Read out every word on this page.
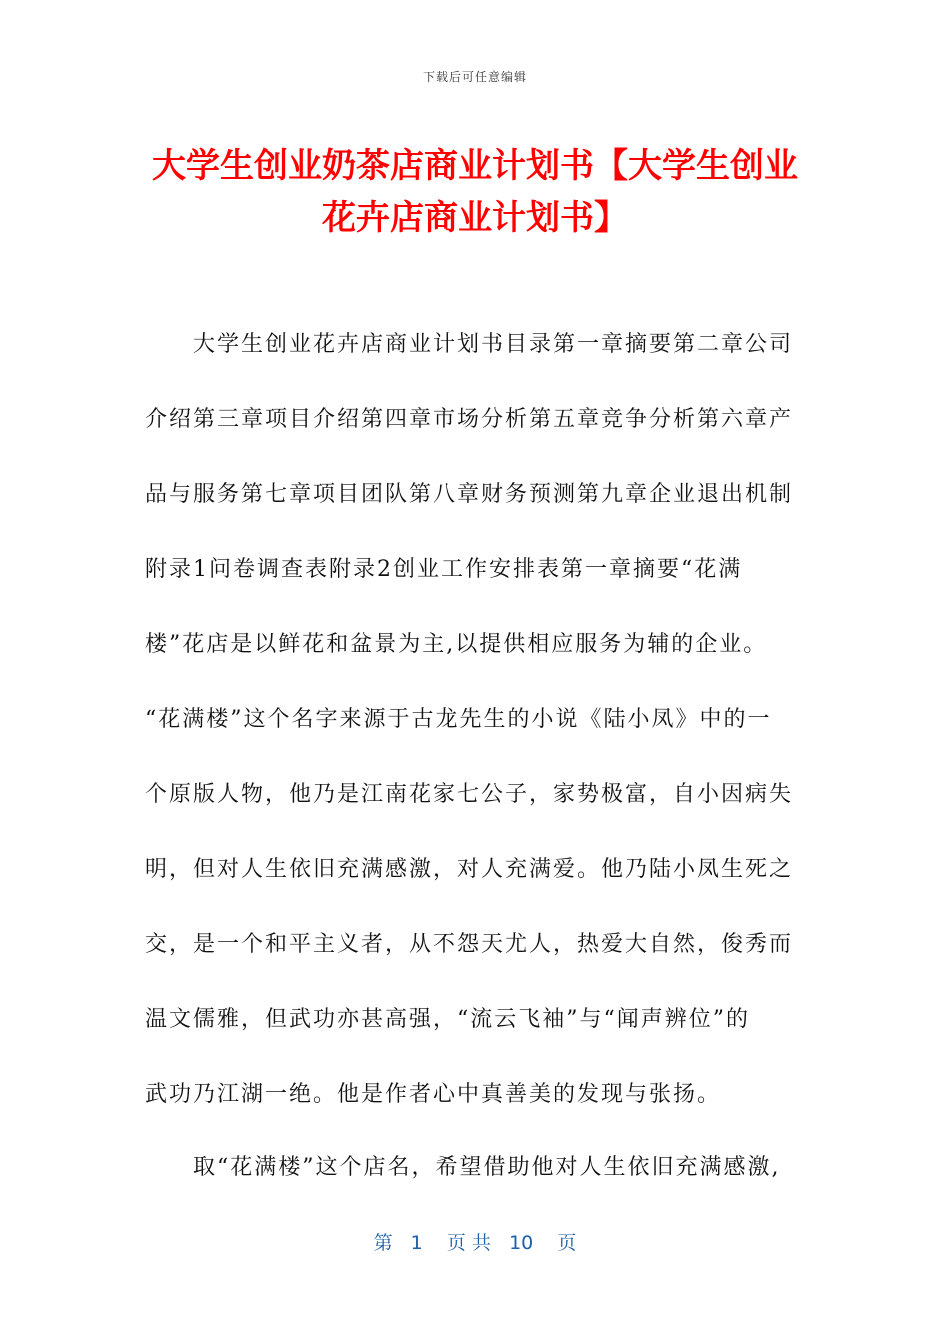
下载后可任意编辑
大学生创业奶茶店商业计划书【大学生创业
花卉店商业计划书】
大学生创业花卉店商业计划书目录第一章摘要第二章公司
介绍第三章项目介绍第四章市场分析第五章竞争分析第六章产
品与服务第七章项目团队第八章财务预测第九章企业退出机制
附录1问卷调查表附录2创业工作安排表第一章摘要“花满
楼”花店是以鲜花和盆景为主,以提供相应服务为辅的企业。
“花满楼”这个名字来源于古龙先生的小说《陆小凤》中的一
个原版人物，他乃是江南花家七公子，家势极富，自小因病失
明，但对人生依旧充满感激，对人充满爱。他乃陆小凤生死之
交，是一个和平主义者，从不怨天尤人，热爱大自然，俊秀而
温文儒雅，但武功亦甚高强，“流云飞袖”与“闻声辨位”的
武功乃江湖一绝。他是作者心中真善美的发现与张扬。
取“花满楼”这个店名，希望借助他对人生依旧充满感激,
第   1    页 共   10    页
